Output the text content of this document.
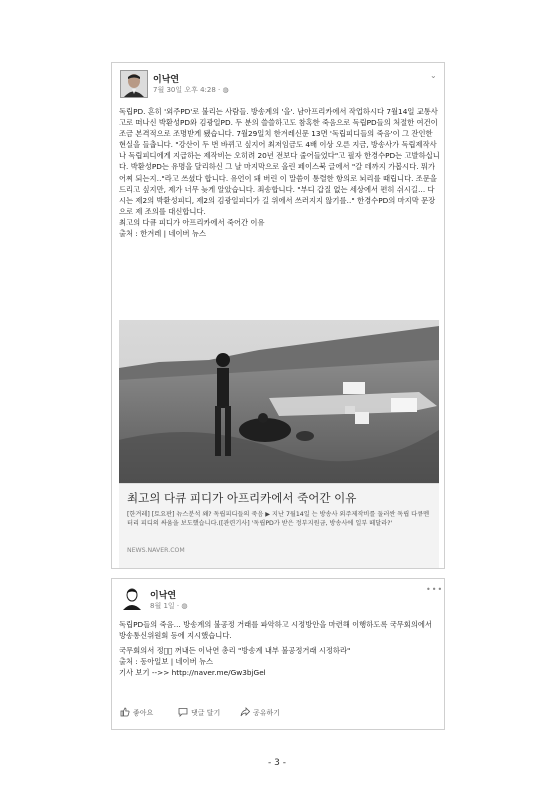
이낙연
7월 30일 오후 4:28 · ◍
⌄

독립PD. 흔히 '외주PD'로 불리는 사람들. 방송계의 '을'. 남아프리카에서 작업하시다 7월14일 교통사고로 떠나신 박환성PD와 김광일PD. 두 분의 쓸쓸하고도 참혹한 죽음으로 독립PD들의 처절한 여건이 조금 본격적으로 조명받게 됐습니다. 7월29일치 한겨레신문 13면 '독립피디들의 죽음'이 그 잔인한 현실을 들춥니다. "강산이 두 번 바뀌고 싶지어 최저임금도 4배 이상 오른 지금, 방송사가 독립제작사나 독립피디에게 지급하는 제작비는 오히려 20년 전보다 줄어들었다"고 필자 한경수PD는 고발하십니다. 박환성PD는 유명을 달리하신 그 날 마지막으로 올린 페이스북 글에서 "갈 데까지 가봅시다. 뭐가 어찌 되는지‥"라고 쓰셨다 합니다. 유언이 돼 버린 이 말씀이 통렬한 항의로 뇌리를 때립니다. 조문을 드리고 싶지만, 제가 너무 늦게 알았습니다. 죄송합니다. "부디 갑질 없는 세상에서 편히 쉬시길‥. 다시는 제2의 박환성피디, 제2의 김광일피디가 길 위에서 쓰러지지 않기를‥" 한경수PD의 마지막 문장으로 제 조의를 대신합니다.

최고의 다큐 피디가 아프리카에서 죽어간 이유

출처 : 한겨레 | 네이버 뉴스

최고의 다큐 피디가 아프리카에서 죽어간 이유
[한겨레] [토요판] 뉴스분석 왜? 독립피디들의 죽음 ▶ 지난 7월14일 는 방송사 외주제작비를 둘러싼 독립 다큐멘터리 피디의 싸움을 보도했습니다.([관련기사] '독립PD가 받은 정부지원금, 방송사에 일부 떼달라?'
NEWS.NAVER.COM
이낙연
8월 1일 · ◍
•••

독립PD들의 죽음‥. 방송계의 불공정 거래를 파악하고 시정방안을 마련해 이행하도록 국무회의에서 방송통신위원회 등에 지시했습니다.

국무회의서 정의🏽 꺼내든 이낙연 총리 "방송계 내부 불공정거래 시정하라"

출처 : 동아일보 | 네이버 뉴스

기사 보기 -->> http://naver.me/Gw3bjGel

좋아요	댓글 달기	공유하기
- 3 -
